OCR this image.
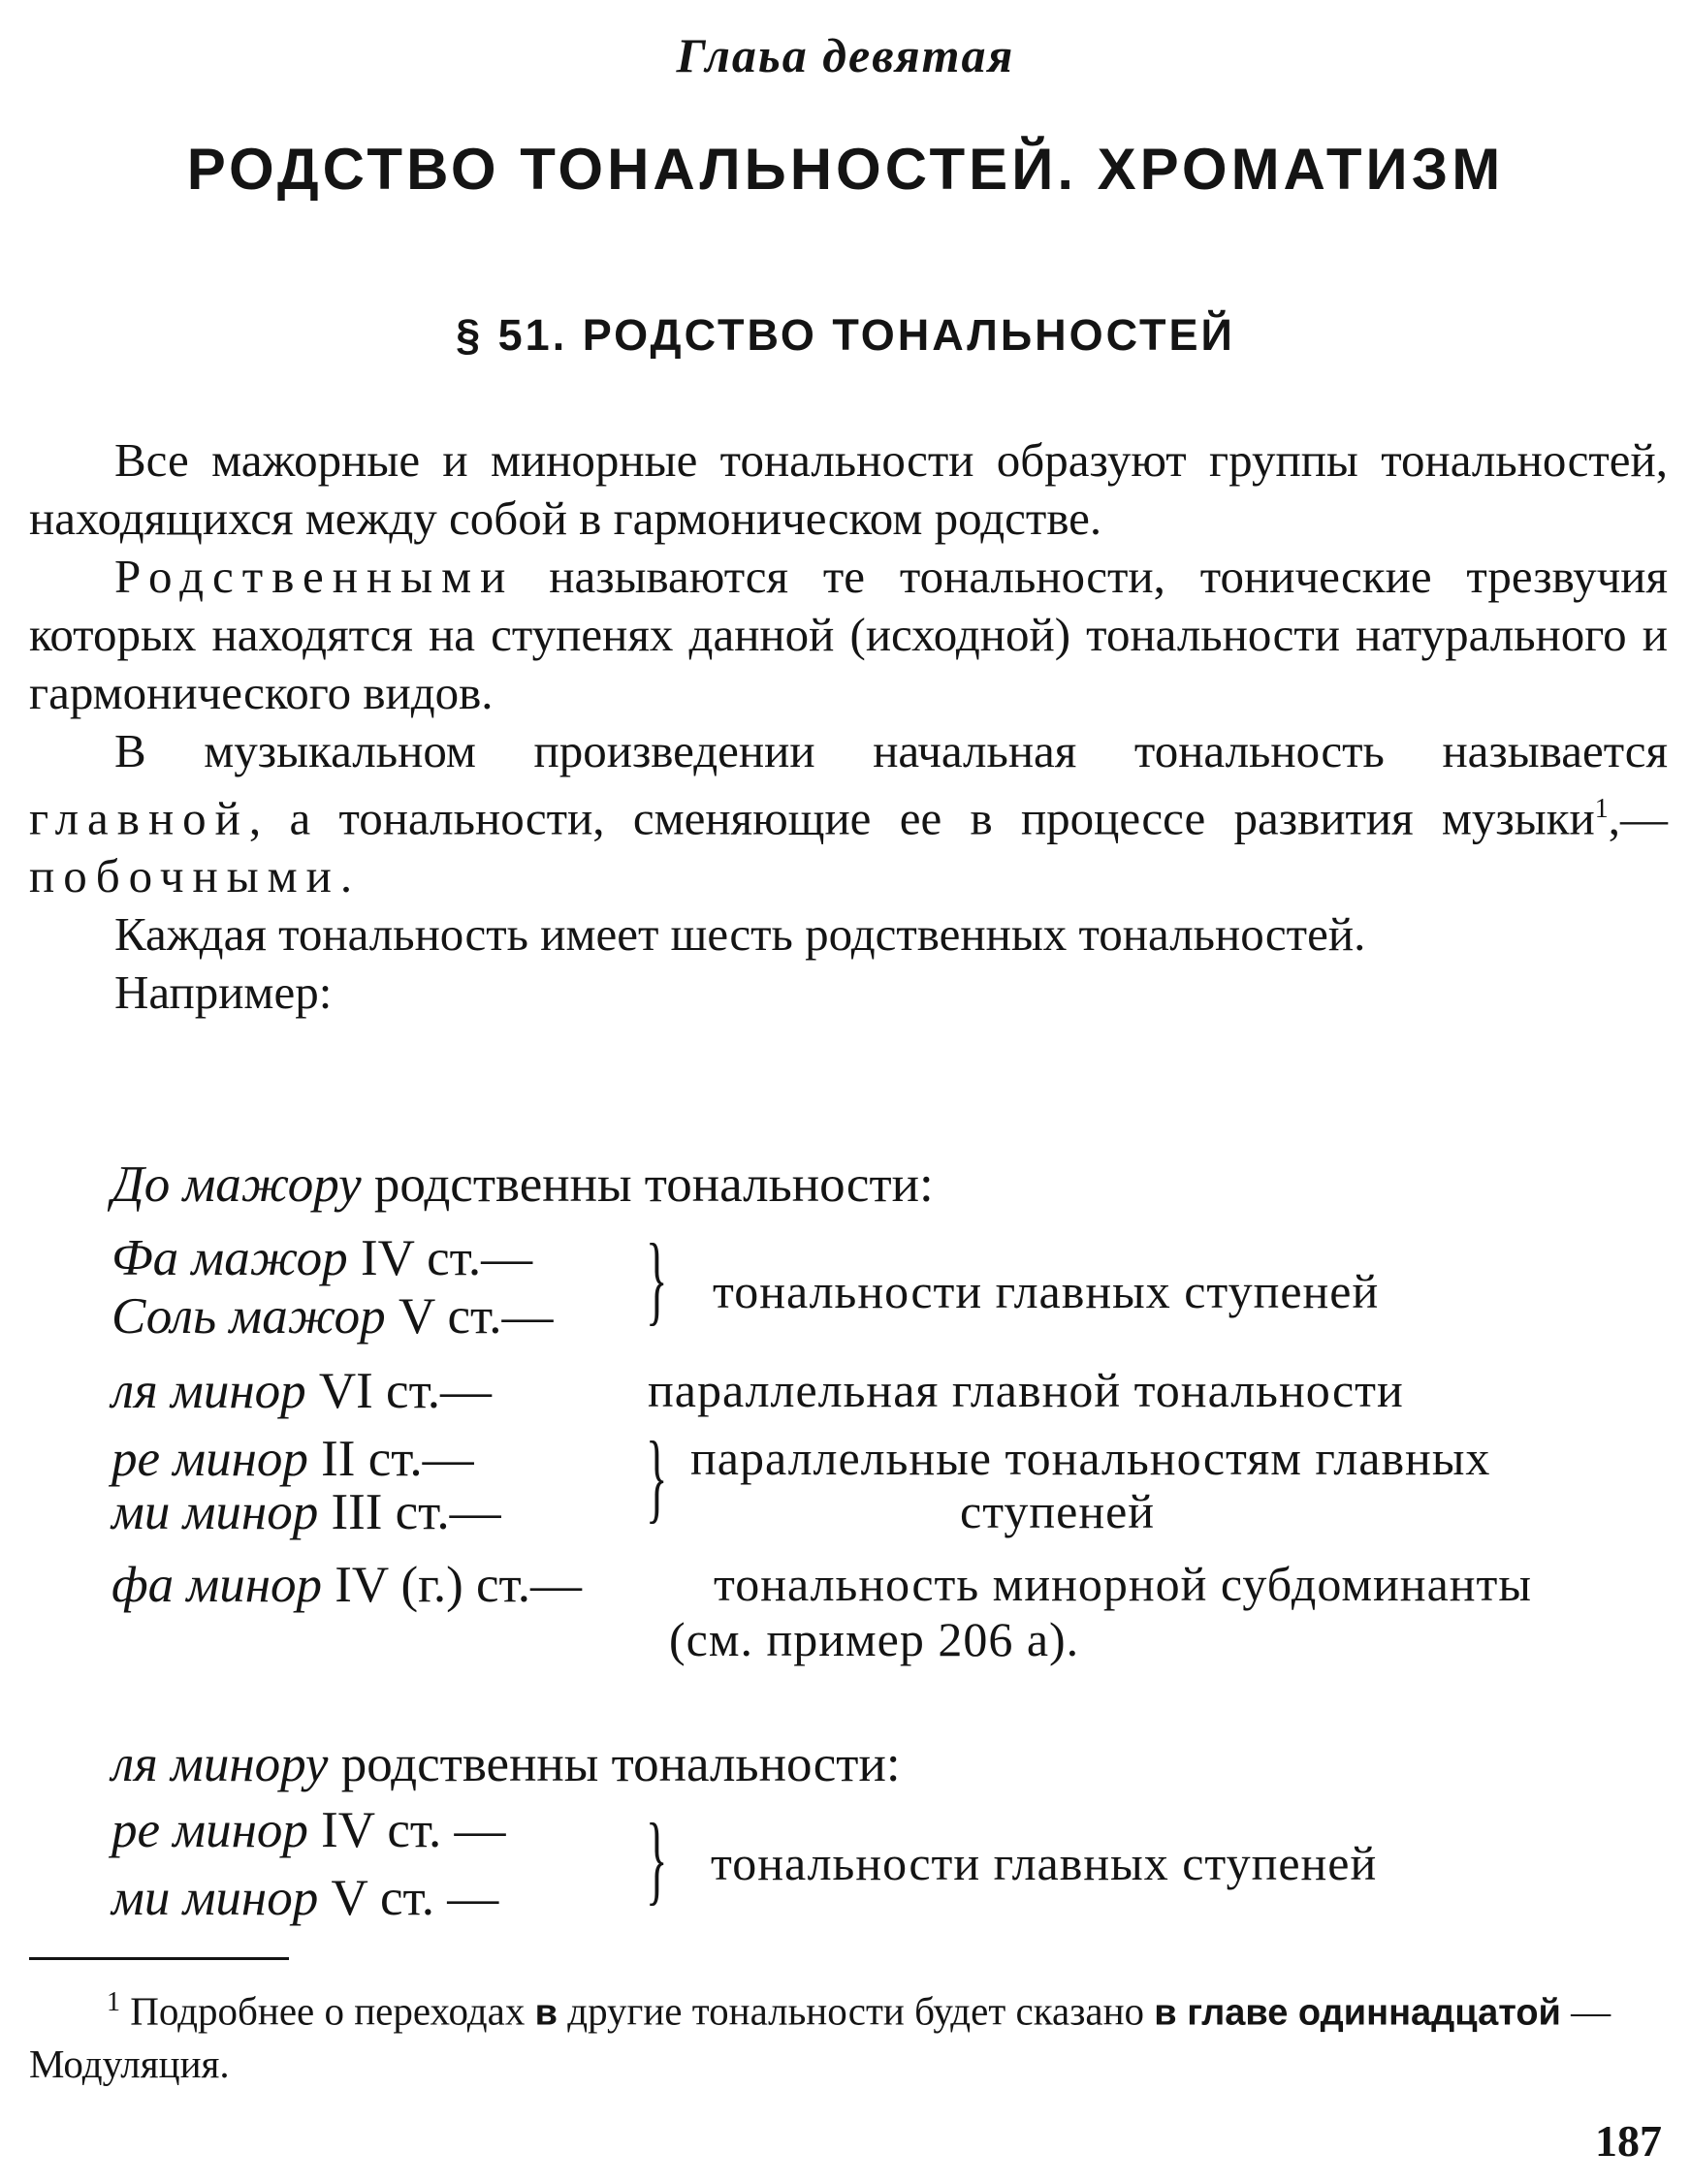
Глаьа девятая
РОДСТВО ТОНАЛЬНОСТЕЙ. ХРОМАТИЗМ
§ 51. РОДСТВО ТОНАЛЬНОСТЕЙ

Все мажорные и минорные тональности образуют группы тональностей, находящихся между собой в гармоническом родстве.

Родственными называются те тональности, тонические трезвучия которых находятся на ступенях данной (исходной) тональности натурального и гармонического видов.

В музыкальном произведении начальная тональность называется главной, а тональности, сменяющие ее в процессе развития музыки$^1$,— побочными.

Каждая тональность имеет шесть родственных тональностей.

Например:

До мажору родственны тональности:
Фа мажор IV ст.—
Соль мажор V ст.— } тональности главных ступеней
ля минор VI ст.—	параллельная главной тональности
ре минор II ст.—
ми минор III ст.— } параллельные тональностям главных
ступеней
фа минор IV (г.) ст.—	тональность минорной субдоминанты
(см. пример 206 а).
ля минору родственны тональности:
ре минор IV ст. —
ми минор V ст. — } тональности главных ступеней
$^1$ Подробнее о переходах в другие тональности будет сказано в главе одиннадцатой — Модуляция.
187
